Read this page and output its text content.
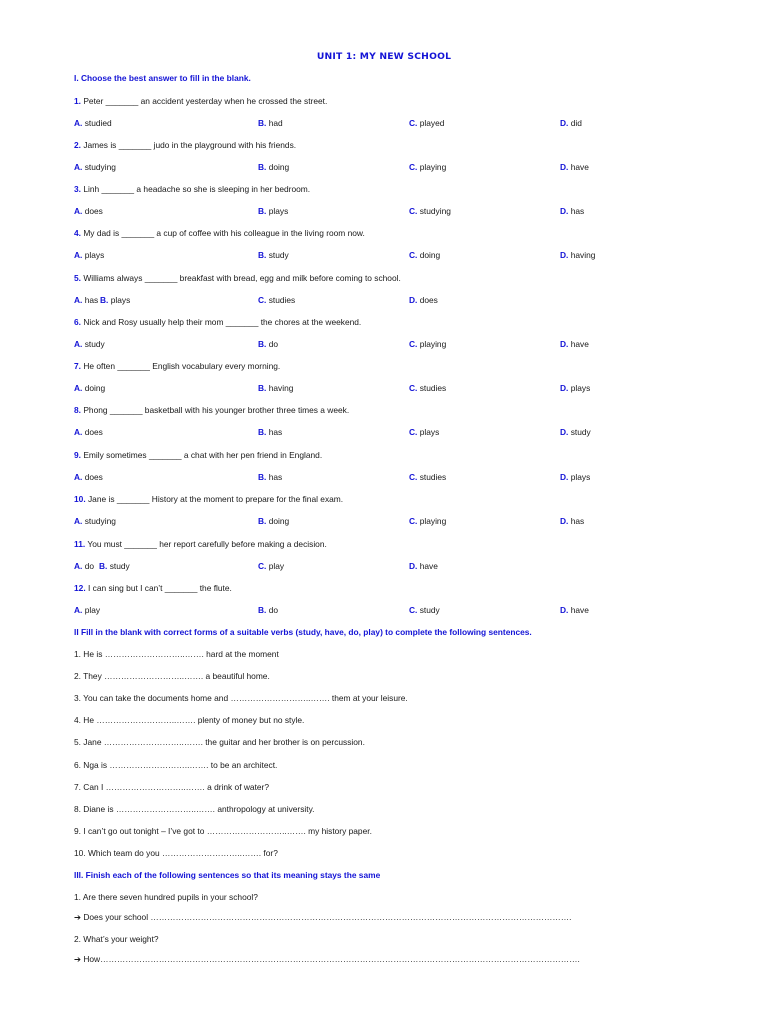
UNIT 1: MY NEW SCHOOL
I. Choose the best answer to fill in the blank.
1. Peter _______ an accident yesterday when he crossed the street.
A. studied	B. had	C. played	D. did
2. James is _______ judo in the playground with his friends.
A. studying	B. doing	C. playing	D. have
3. Linh _______ a headache so she is sleeping in her bedroom.
A. does	B. plays	C. studying	D. has
4. My dad is _______ a cup of coffee with his colleague in the living room now.
A. plays	B. study	C. doing	D. having
5. Williams always _______ breakfast with bread, egg and milk before coming to school.
A. has B. plays	C. studies	D. does
6. Nick and Rosy usually help their mom _______ the chores at the weekend.
A. study	B. do	C. playing	D. have
7. He often _______ English vocabulary every morning.
A. doing	B. having	C. studies	D. plays
8. Phong _______ basketball with his younger brother three times a week.
A. does	B. has	C. plays	D. study
9. Emily sometimes _______ a chat with her pen friend in England.
A. does	B. has	C. studies	D. plays
10. Jane is _______ History at the moment to prepare for the final exam.
A. studying	B. doing	C. playing	D. has
11. You must _______ her report carefully before making a decision.
A. do B. study	C. play	D. have
12. I can sing but I can’t _______ the flute.
A. play	B. do	C. study	D. have
II Fill in the blank with correct forms of a suitable verbs (study, have, do, play) to complete the following sentences.
1. He is ………………………..……. hard at the moment
2. They ………………………..……. a beautiful home.
3. You can take the documents home and ………………………..……. them at your leisure.
4. He ………………………..……. plenty of money but no style.
5. Jane ………………………..……. the guitar and her brother is on percussion.
6. Nga is ………………………..……. to be an architect.
7. Can I ………………………..……. a drink of water?
8. Diane is ………………………..……. anthropology at university.
9. I can’t go out tonight – I’ve got to ………………………..……. my history paper.
10. Which team do you ………………………..……. for?
III. Finish each of the following sentences so that its meaning stays the same
1. Are there seven hundred pupils in your school?
➔ Does your school …………………………………………………………………………………………………………………………………….
2. What’s your weight?
➔ How……………………………………………………………………………………………………………………………………………………….
